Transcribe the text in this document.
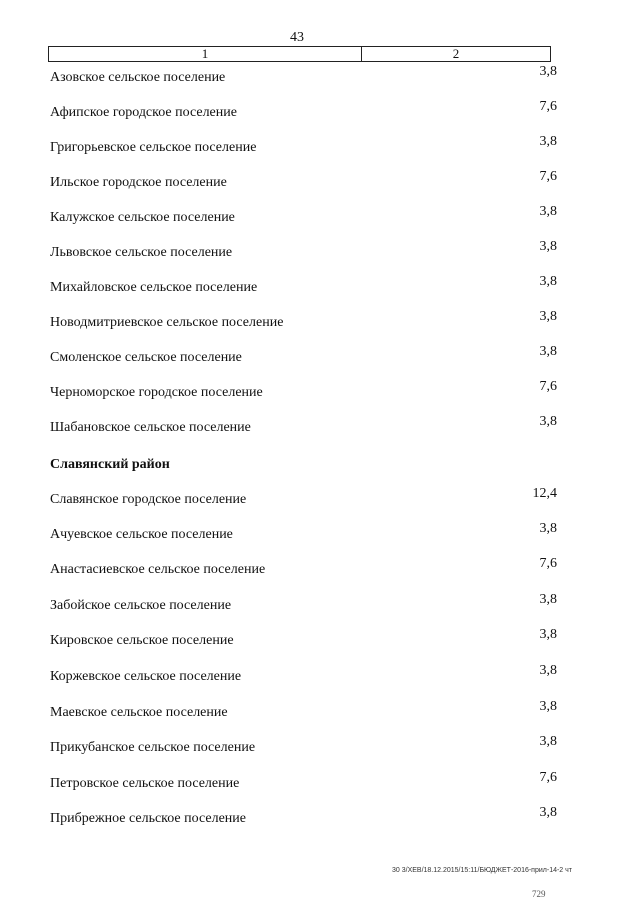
43
1	2
Азовское сельское поселение	3,8
Афипское городское поселение	7,6
Григорьевское сельское поселение	3,8
Ильское городское поселение	7,6
Калужское сельское поселение	3,8
Львовское сельское поселение	3,8
Михайловское сельское поселение	3,8
Новодмитриевское сельское поселение	3,8
Смоленское сельское поселение	3,8
Черноморское городское поселение	7,6
Шабановское сельское поселение	3,8
Славянский район
Славянское городское поселение	12,4
Ачуевское сельское поселение	3,8
Анастасиевское сельское поселение	7,6
Забойское сельское поселение	3,8
Кировское сельское поселение	3,8
Коржевское сельское поселение	3,8
Маевское сельское поселение	3,8
Прикубанское сельское поселение	3,8
Петровское сельское поселение	7,6
Прибрежное сельское поселение	3,8
30 3/ХЕВ/18.12.2015/15:11/БЮДЖЕТ-2016-прил-14-2 чт
729
